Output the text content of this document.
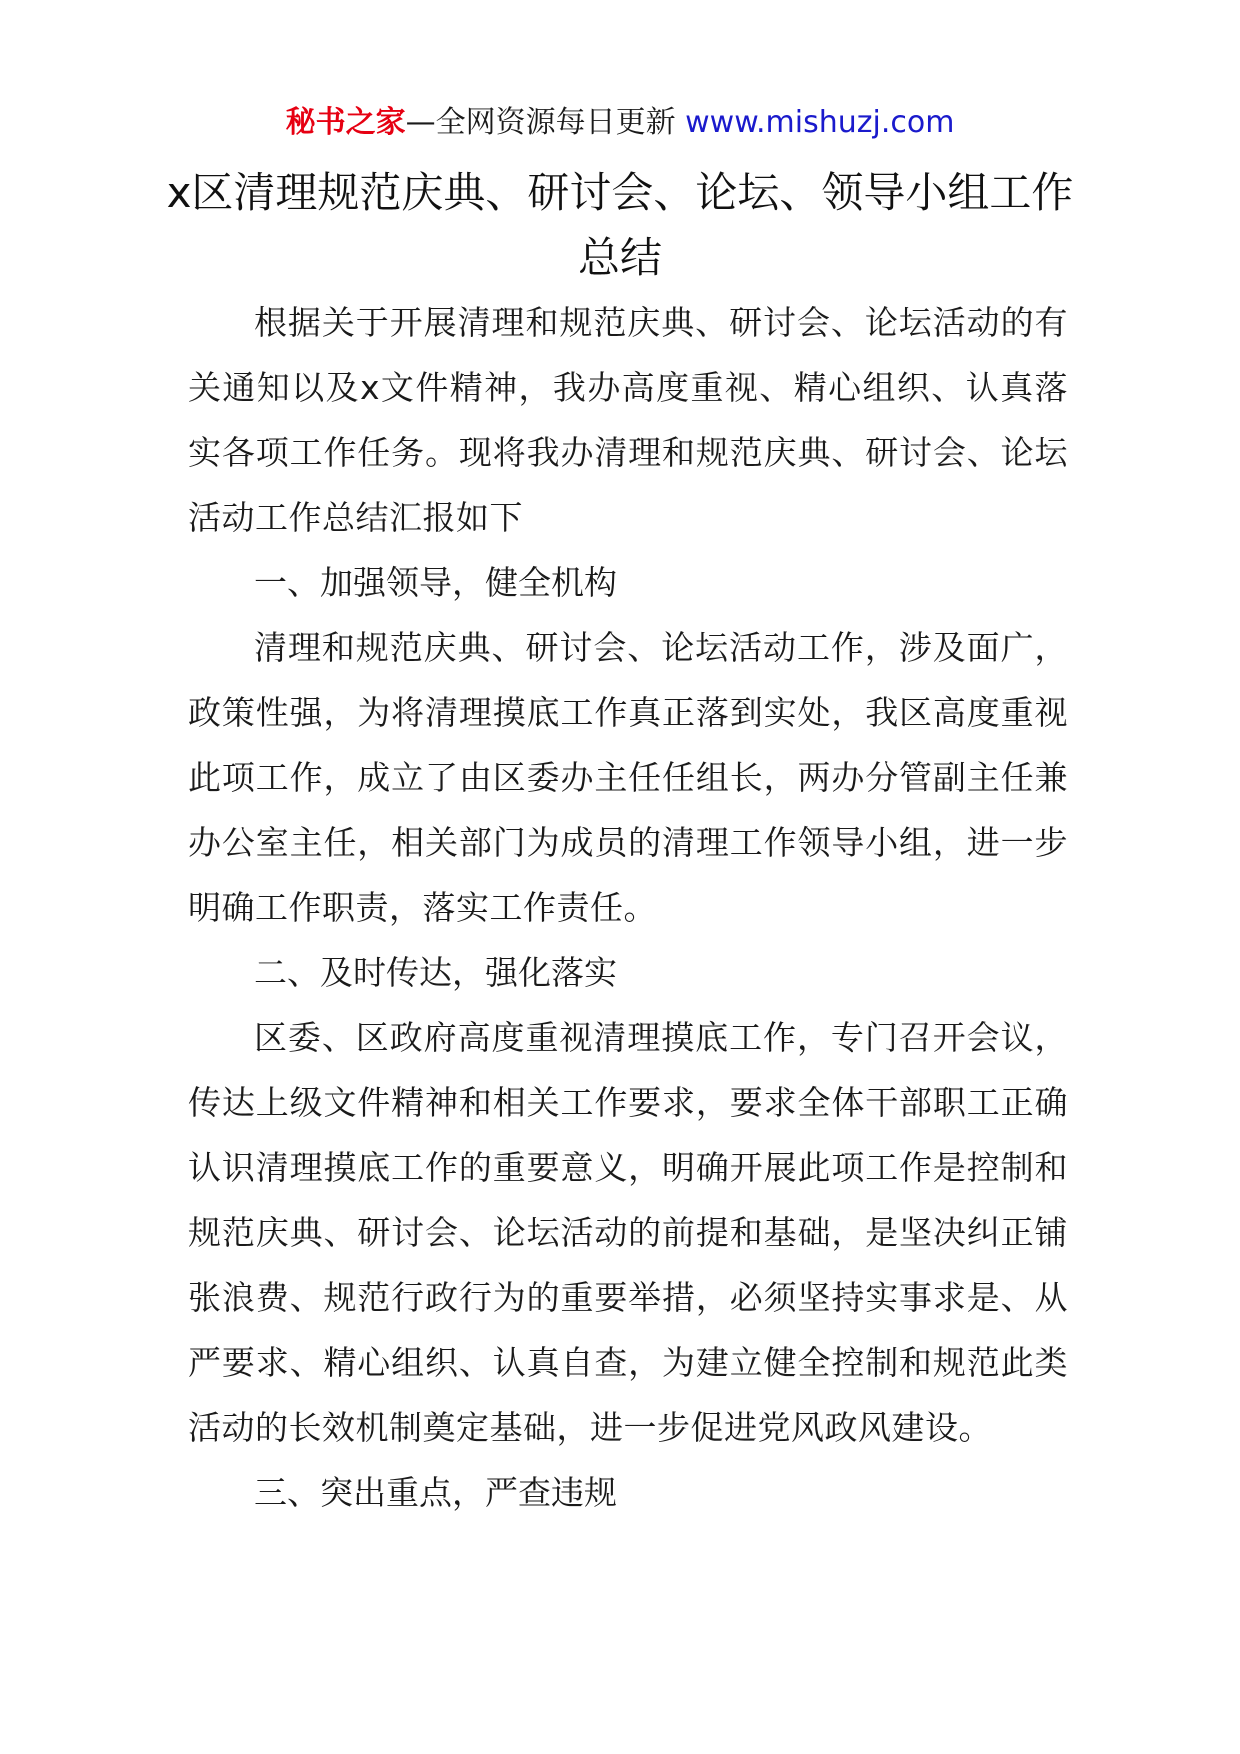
秘书之家—全网资源每日更新 www.mishuzj.com
x区清理规范庆典、研讨会、论坛、领导小组工作总结

根据关于开展清理和规范庆典、研讨会、论坛活动的有关通知以及x文件精神，我办高度重视、精心组织、认真落实各项工作任务。现将我办清理和规范庆典、研讨会、论坛活动工作总结汇报如下

一、加强领导，健全机构

清理和规范庆典、研讨会、论坛活动工作，涉及面广，政策性强，为将清理摸底工作真正落到实处，我区高度重视此项工作，成立了由区委办主任任组长，两办分管副主任兼办公室主任，相关部门为成员的清理工作领导小组，进一步明确工作职责，落实工作责任。

二、及时传达，强化落实

区委、区政府高度重视清理摸底工作，专门召开会议，传达上级文件精神和相关工作要求，要求全体干部职工正确认识清理摸底工作的重要意义，明确开展此项工作是控制和规范庆典、研讨会、论坛活动的前提和基础，是坚决纠正铺张浪费、规范行政行为的重要举措，必须坚持实事求是、从严要求、精心组织、认真自查，为建立健全控制和规范此类活动的长效机制奠定基础，进一步促进党风政风建设。

三、突出重点，严查违规
